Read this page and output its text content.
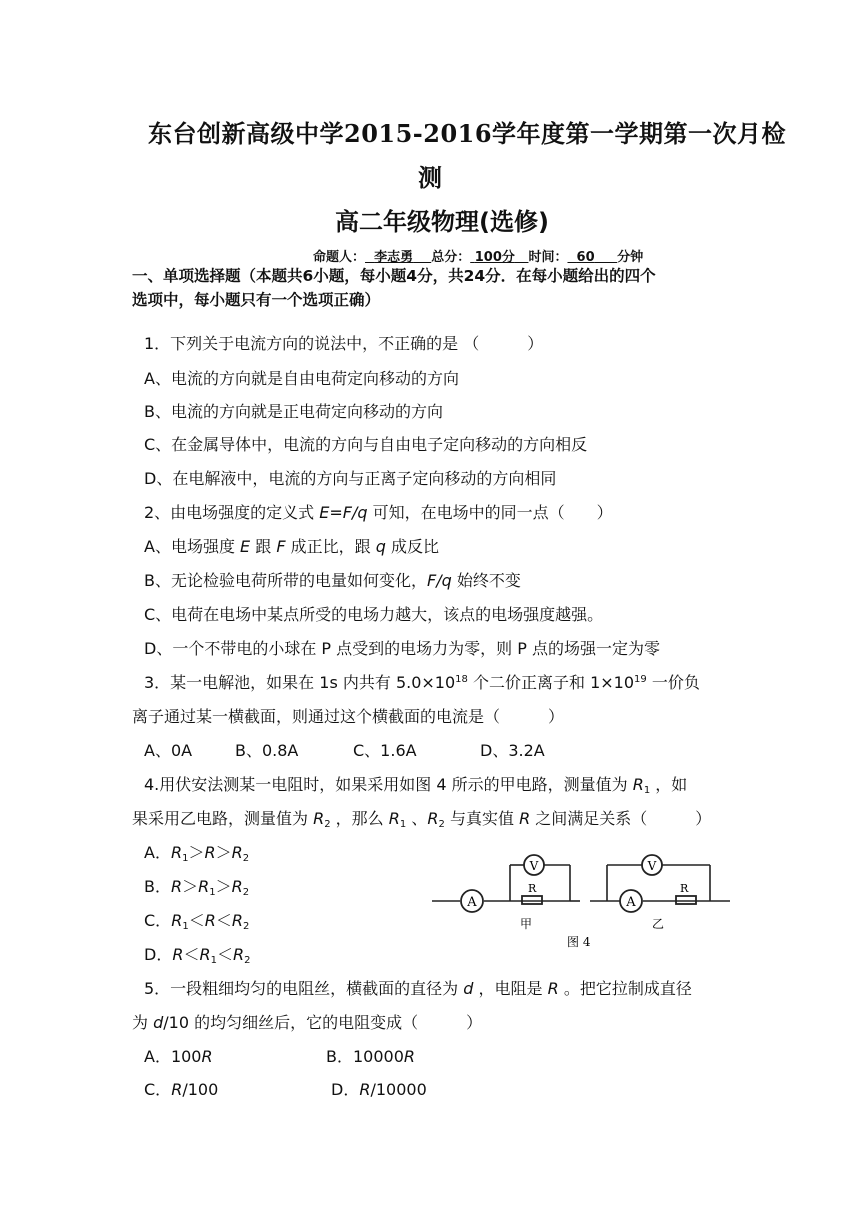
东台创新高级中学2015-2016学年度第一学期第一次月检
测
高二年级物理(选修)
命题人： 李志勇 总分： 100分 时间： 60 分钟
一、单项选择题（本题共6小题，每小题4分，共24分．在每小题给出的四个
选项中，每小题只有一个选项正确）
1．下列关于电流方向的说法中，不正确的是 （　　　）
A、电流的方向就是自由电荷定向移动的方向
B、电流的方向就是正电荷定向移动的方向
C、在金属导体中，电流的方向与自由电子定向移动的方向相反
D、在电解液中，电流的方向与正离子定向移动的方向相同
2、由电场强度的定义式 E=F/q 可知，在电场中的同一点（　　）
A、电场强度 E 跟 F 成正比，跟 q 成反比
B、无论检验电荷所带的电量如何变化，F/q 始终不变
C、电荷在电场中某点所受的电场力越大，该点的电场强度越强。
D、一个不带电的小球在 P 点受到的电场力为零，则 P 点的场强一定为零
3．某一电解池，如果在 1s 内共有 $5.0\times 10^{18}$ 个二价正离子和 $1\times 10^{19}$ 一价负
离子通过某一横截面，则通过这个横截面的电流是（　　　）
A、0A	B、0.8A	C、1.6A	D、3.2A
4.用伏安法测某一电阻时，如果采用如图 4 所示的甲电路，测量值为 $R_1$ ，如
果采用乙电路，测量值为 $R_2$ ，那么 $R_1$ 、$R_2$ 与真实值 R 之间满足关系（　　　）
A．$R_1>R>R_2$
B．$R>R_1>R_2$
C．$R_1<R<R_2$
D．$R<R_1<R_2$
A
V
R
甲
A
V
R
乙
图 4
5．一段粗细均匀的电阻丝，横截面的直径为 d ，电阻是 R 。把它拉制成直径
为 d/10 的均匀细丝后，它的电阻变成（　　　）
A．100R	B．10000R
C．R/100	D．R/10000
